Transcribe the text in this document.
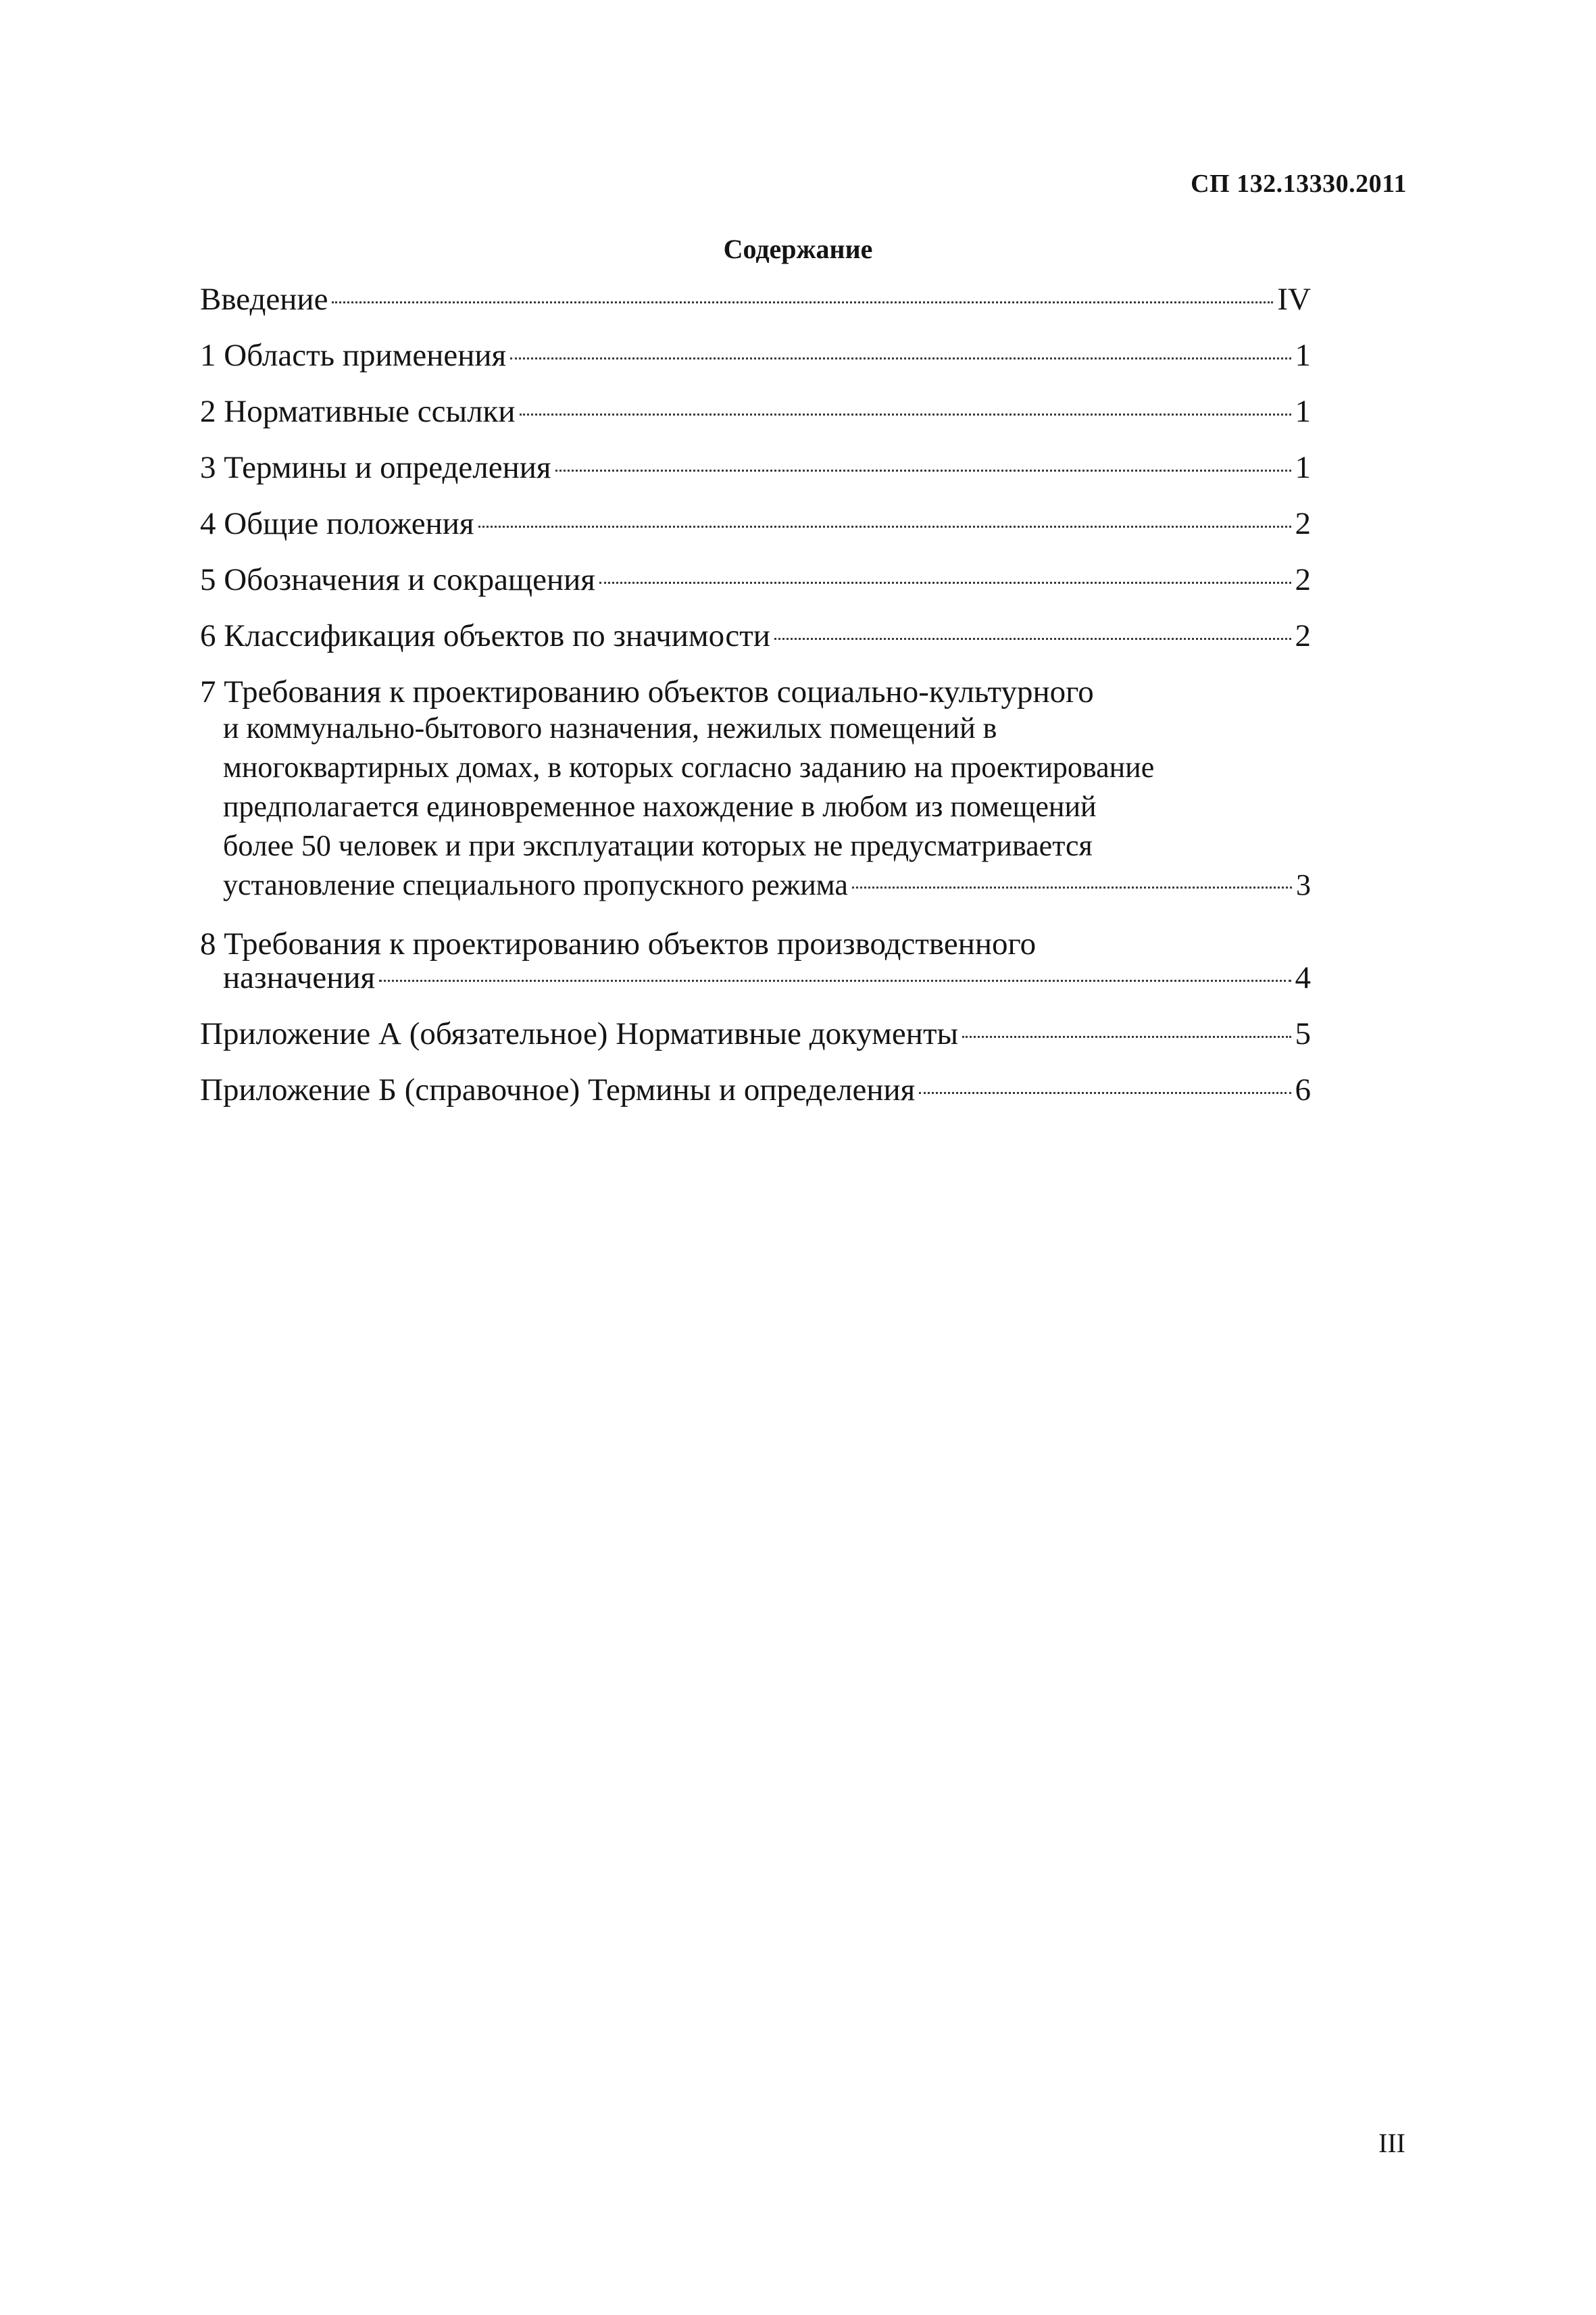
СП 132.13330.2011
Содержание
Введение	IV
1 Область применения	1
2 Нормативные ссылки	1
3 Термины и определения	1
4 Общие положения	2
5 Обозначения и сокращения	2
6 Классификация объектов по значимости	2
7 Требования к проектированию объектов социально-культурного
и коммунально-бытового назначения, нежилых помещений в
многоквартирных домах, в которых согласно заданию на проектирование
предполагается единовременное нахождение в любом из помещений
более 50 человек и при эксплуатации которых не предусматривается
установление специального пропускного режима	3
8 Требования к проектированию объектов производственного
назначения	4
Приложение А (обязательное) Нормативные документы	5
Приложение Б (справочное) Термины и определения	6
III
